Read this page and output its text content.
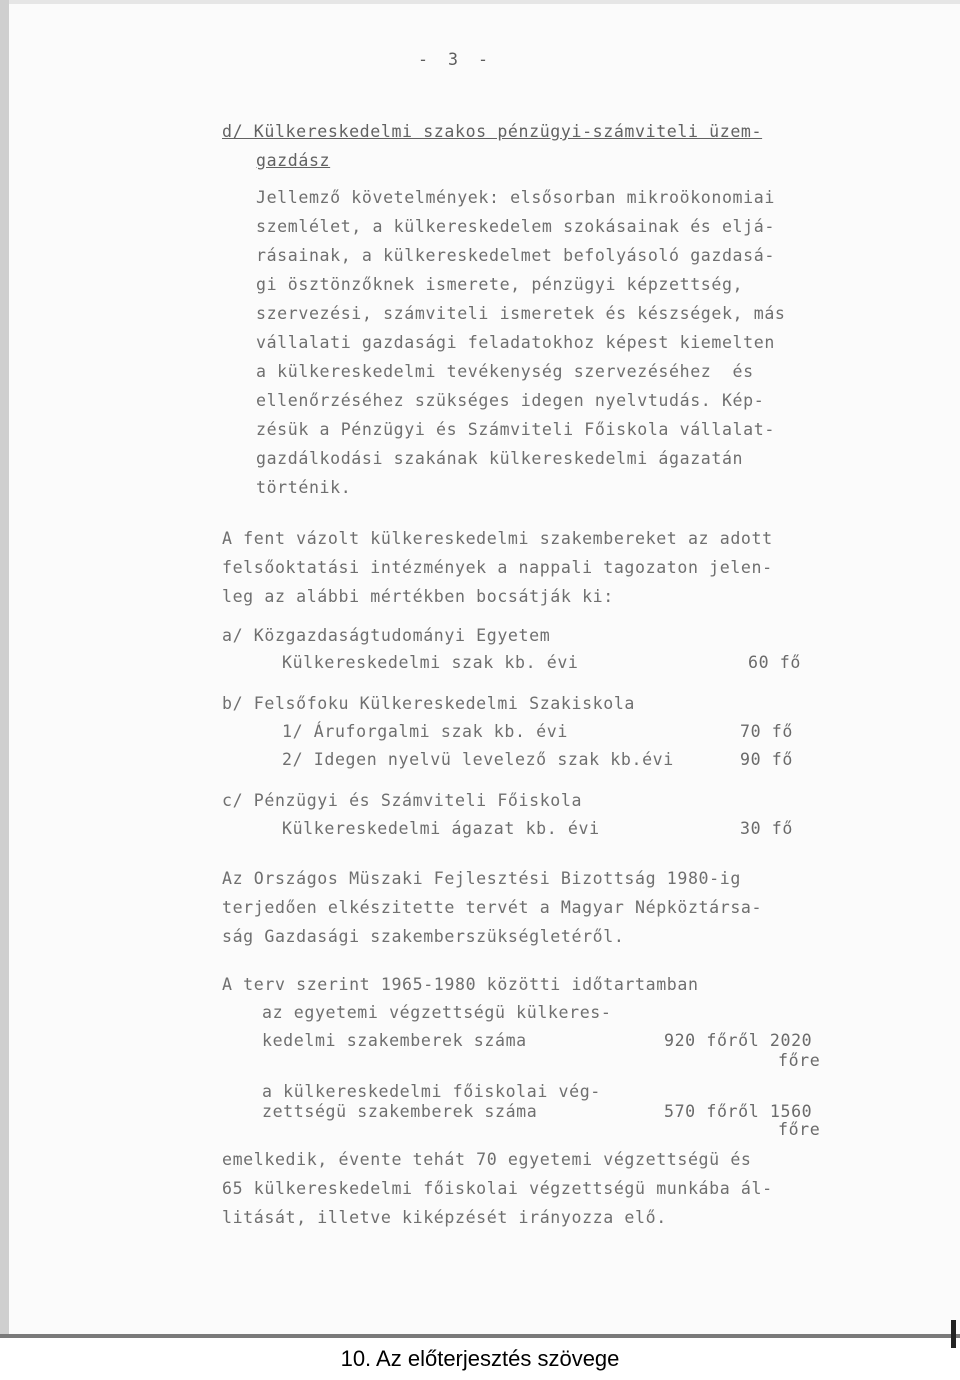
- 3 -
d/ Külkereskedelmi szakos pénzügyi-számviteli üzem-
gazdász
Jellemző követelmények: elsősorban mikroökonomiai
szemlélet, a külkereskedelem szokásainak és eljá-
rásainak, a külkereskedelmet befolyásoló gazdasá-
gi ösztönzőknek ismerete, pénzügyi képzettség,
szervezési, számviteli ismeretek és készségek, más
vállalati gazdasági feladatokhoz képest kiemelten
a külkereskedelmi tevékenység szervezéséhez  és
ellenőrzéséhez szükséges idegen nyelvtudás. Kép-
zésük a Pénzügyi és Számviteli Főiskola vállalat-
gazdálkodási szakának külkereskedelmi ágazatán
történik.
A fent vázolt külkereskedelmi szakembereket az adott
felsőoktatási intézmények a nappali tagozaton jelen-
leg az alábbi mértékben bocsátják ki:
a/ Közgazdaságtudományi Egyetem
Külkereskedelmi szak kb. évi	60 fő
b/ Felsőfoku Külkereskedelmi Szakiskola
1/ Áruforgalmi szak kb. évi	70 fő
2/ Idegen nyelvü levelező szak kb.évi	90 fő
c/ Pénzügyi és Számviteli Főiskola
Külkereskedelmi ágazat kb. évi	30 fő
Az Országos Müszaki Fejlesztési Bizottság 1980-ig
terjedően elkészitette tervét a Magyar Népköztársa-
ság Gazdasági szakemberszükségletéről.
A terv szerint 1965-1980 közötti időtartamban
az egyetemi végzettségü külkeres-
kedelmi szakemberek száma	920 főről 2020
főre
a külkereskedelmi főiskolai vég-
zettségü szakemberek száma	570 főről 1560
főre
emelkedik, évente tehát 70 egyetemi végzettségü és
65 külkereskedelmi főiskolai végzettségü munkába ál-
litását, illetve kiképzését irányozza elő.
10. Az előterjesztés szövege
